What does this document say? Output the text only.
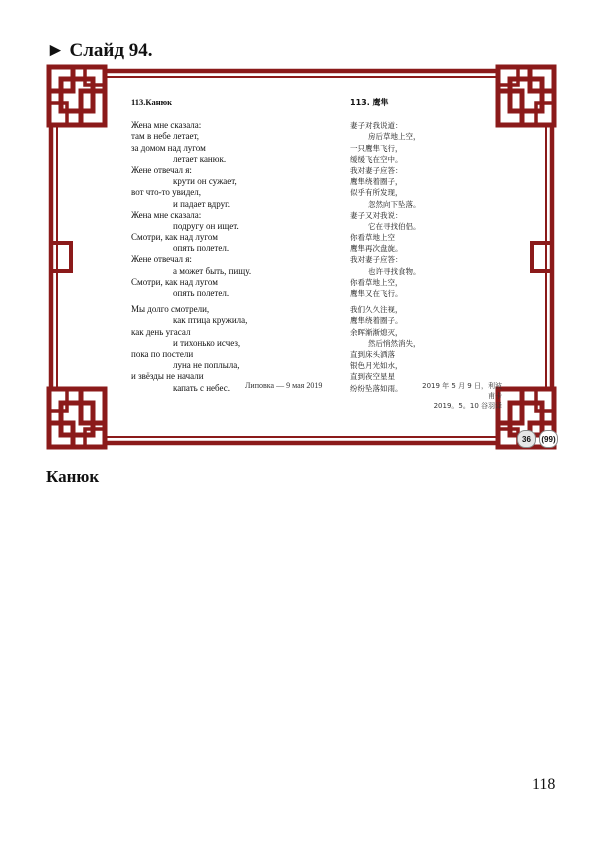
► Слайд 94.
113.Канюк
Жена мне сказала:
там в небе летает,
за домом над лугом
летает канюк.
Жене отвечал я:
крути он сужает,
вот что-то увидел,
и падает вдруг.
Жена мне сказала:
подругу он ищет.
Смотри, как над лугом
опять полетел.
Жене отвечал я:
а может быть, пищу.
Смотри, как над лугом
опять полетел.
Мы долго смотрели,
как птица кружила,
как день угасал
и тихонько исчез,
пока по постели
луна не поплыла,
и звёзды не начали
капать с небес.
113. 鹰隼
妻子对我说道：
房后草地上空，
一只鹰隼飞行，
缓缓飞在空中。
我对妻子应答：
鹰隼绕着圈子，
似乎有所发现，
忽然向下坠落。
妻子又对我说：
它在寻找伯侣。
你看草地上空
鹰隼再次盘旋。
我对妻子应答：
也许寻找食物。
你看草地上空，
鹰隼又在飞行。
我们久久注视，
鹰隼绕着圈子。
余晖渐渐熄灭，
然后悄然消失，
直到床头洒落
银色月光如水，
直到夜空星星
纷纷坠落如雨。
Липовка — 9 мая 2019	2019 年 5 月 9 日，利波甫卡
2019。5。10 谷羽译
36	(99)
Канюк
118
